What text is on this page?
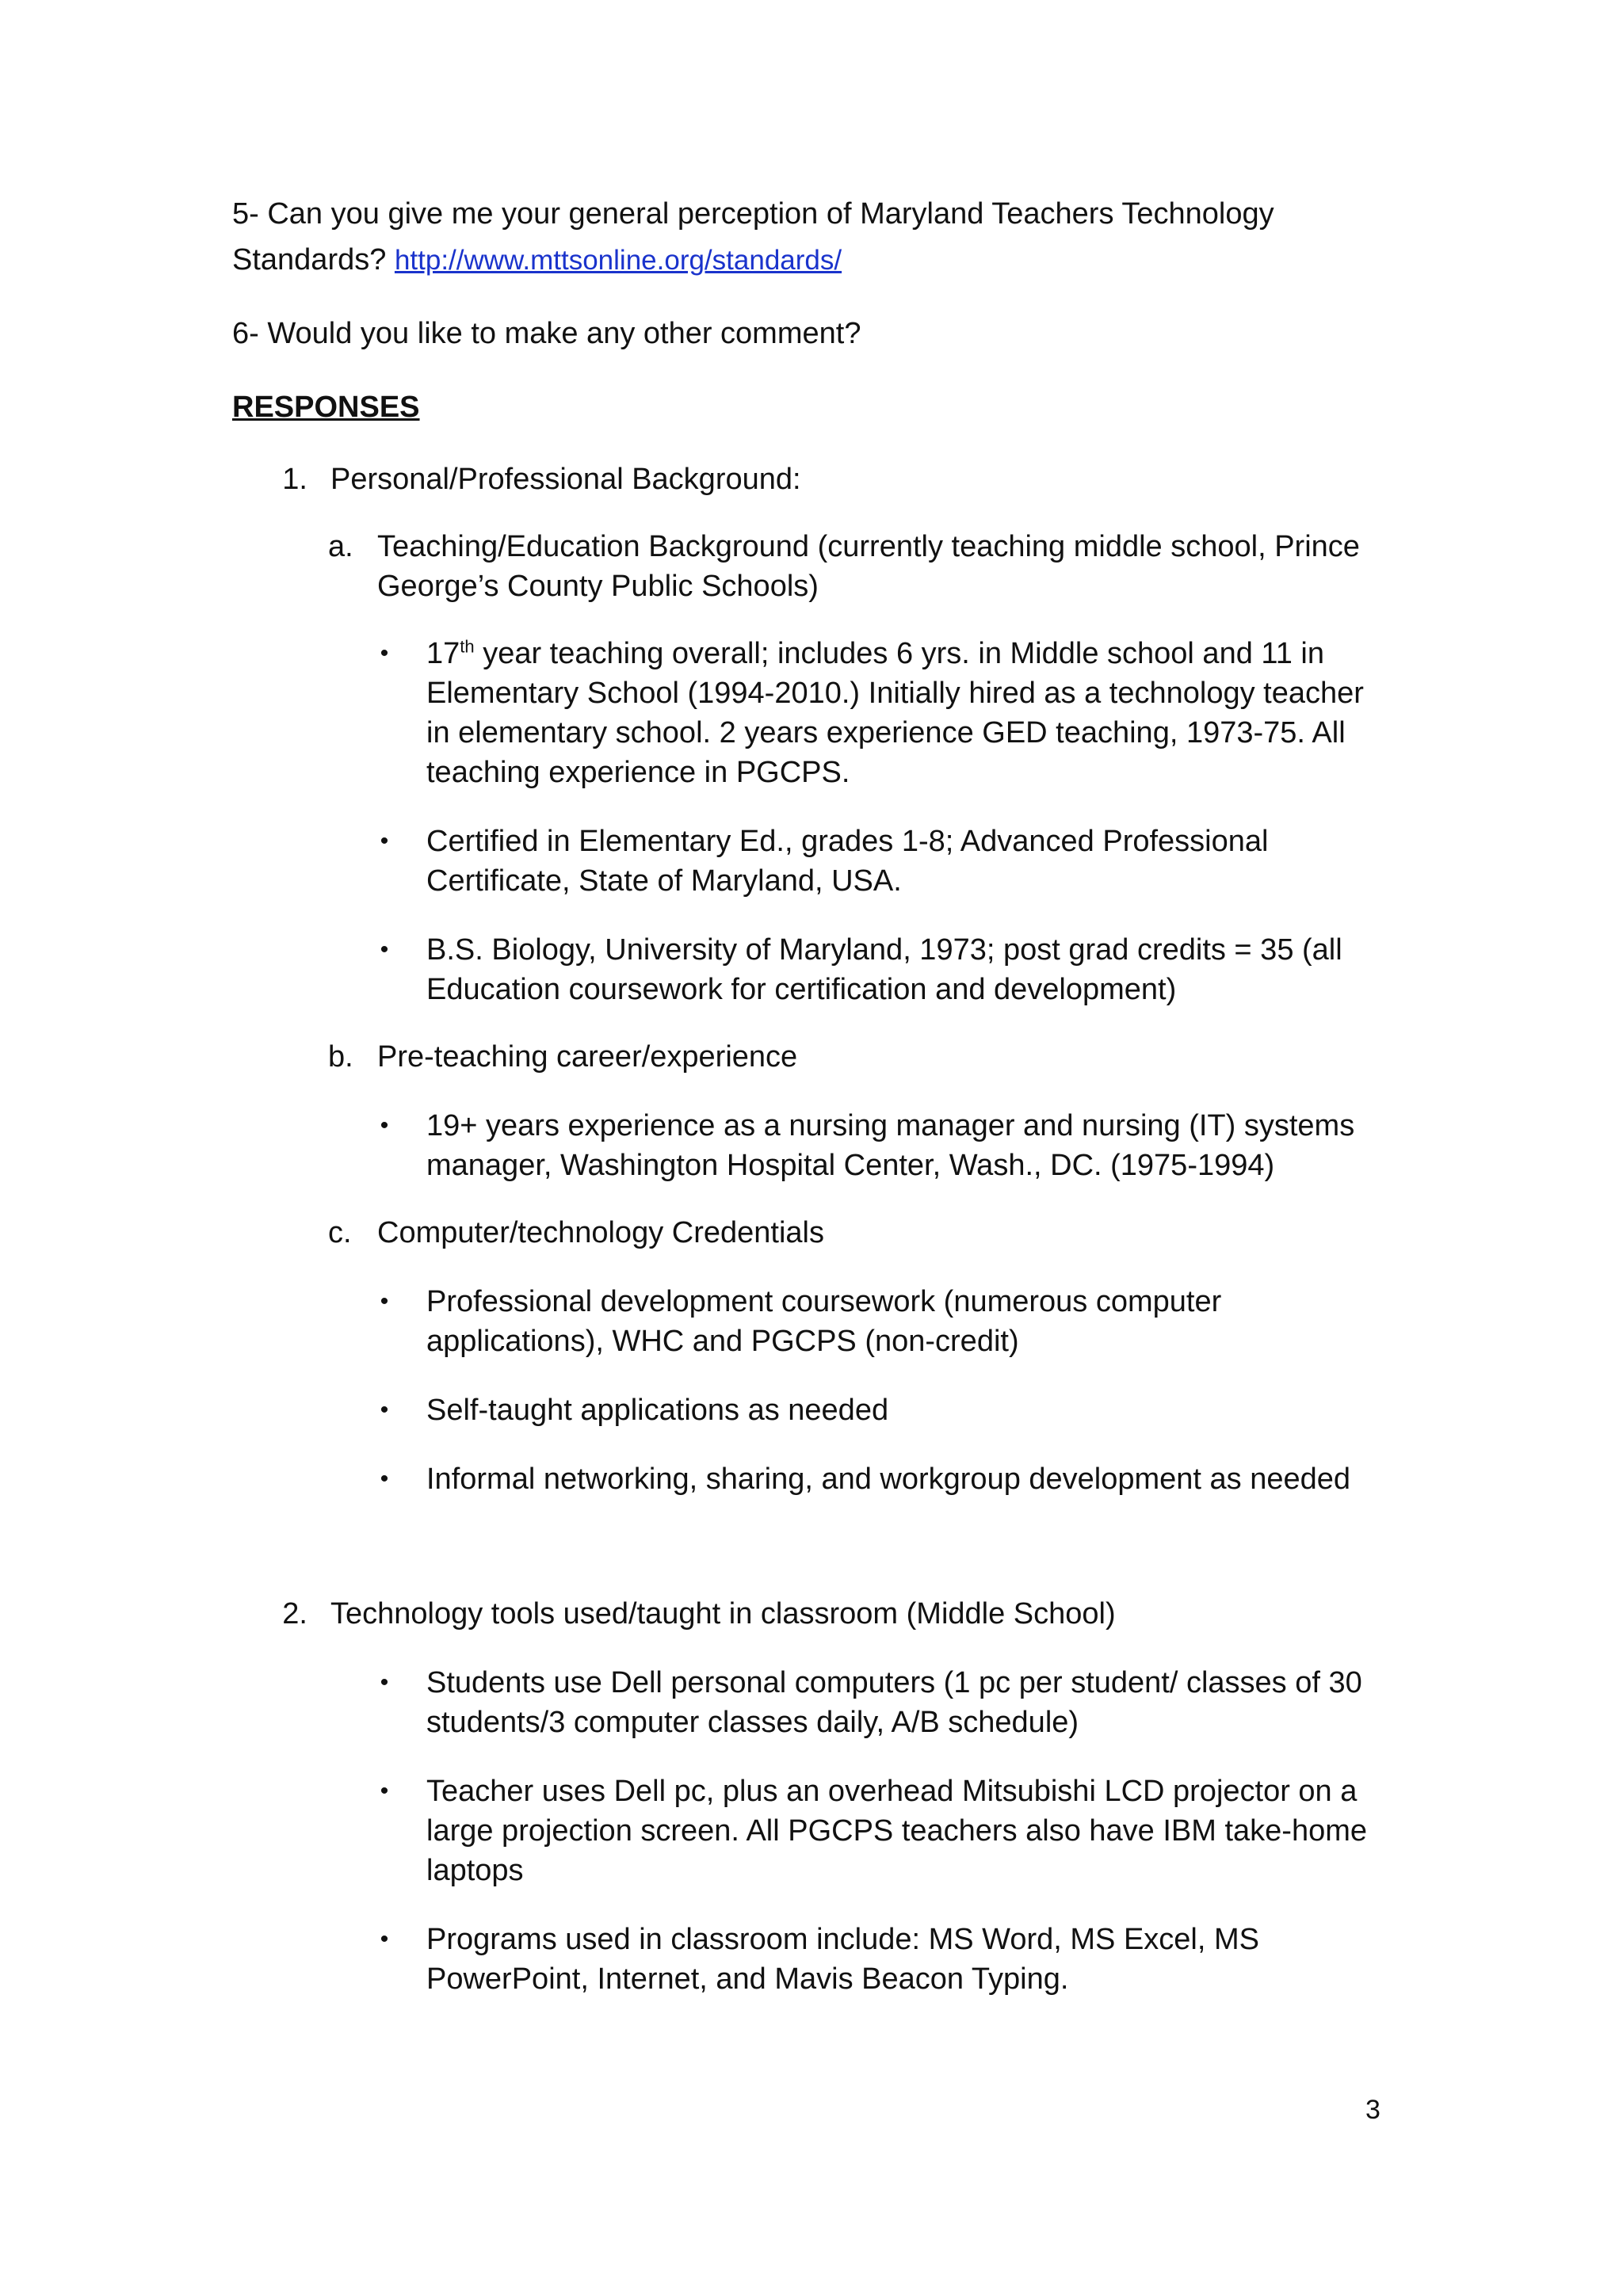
5- Can you give me your general perception of Maryland Teachers Technology

Standards? http://www.mttsonline.org/standards/

6- Would you like to make any other comment?

RESPONSES

1. Personal/Professional Background:
a. Teaching/Education Background (currently teaching middle school, Prince
George’s County Public Schools)
• 17th year teaching overall; includes 6 yrs. in Middle school and 11 in
Elementary School (1994-2010.) Initially hired as a technology teacher
in elementary school. 2 years experience GED teaching, 1973-75. All
teaching experience in PGCPS.
• Certified in Elementary Ed., grades 1-8; Advanced Professional
Certificate, State of Maryland, USA.
• B.S. Biology, University of Maryland, 1973; post grad credits = 35 (all
Education coursework for certification and development)
b. Pre-teaching career/experience
• 19+ years experience as a nursing manager and nursing (IT) systems
manager, Washington Hospital Center, Wash., DC. (1975-1994)
c. Computer/technology Credentials
• Professional development coursework (numerous computer
applications), WHC and PGCPS (non-credit)
• Self-taught applications as needed
• Informal networking, sharing, and workgroup development as needed
2. Technology tools used/taught in classroom (Middle School)
• Students use Dell personal computers (1 pc per student/ classes of 30
students/3 computer classes daily, A/B schedule)
• Teacher uses Dell pc, plus an overhead Mitsubishi LCD projector on a
large projection screen. All PGCPS teachers also have IBM take-home
laptops
• Programs used in classroom include: MS Word, MS Excel, MS
PowerPoint, Internet, and Mavis Beacon Typing.
3
